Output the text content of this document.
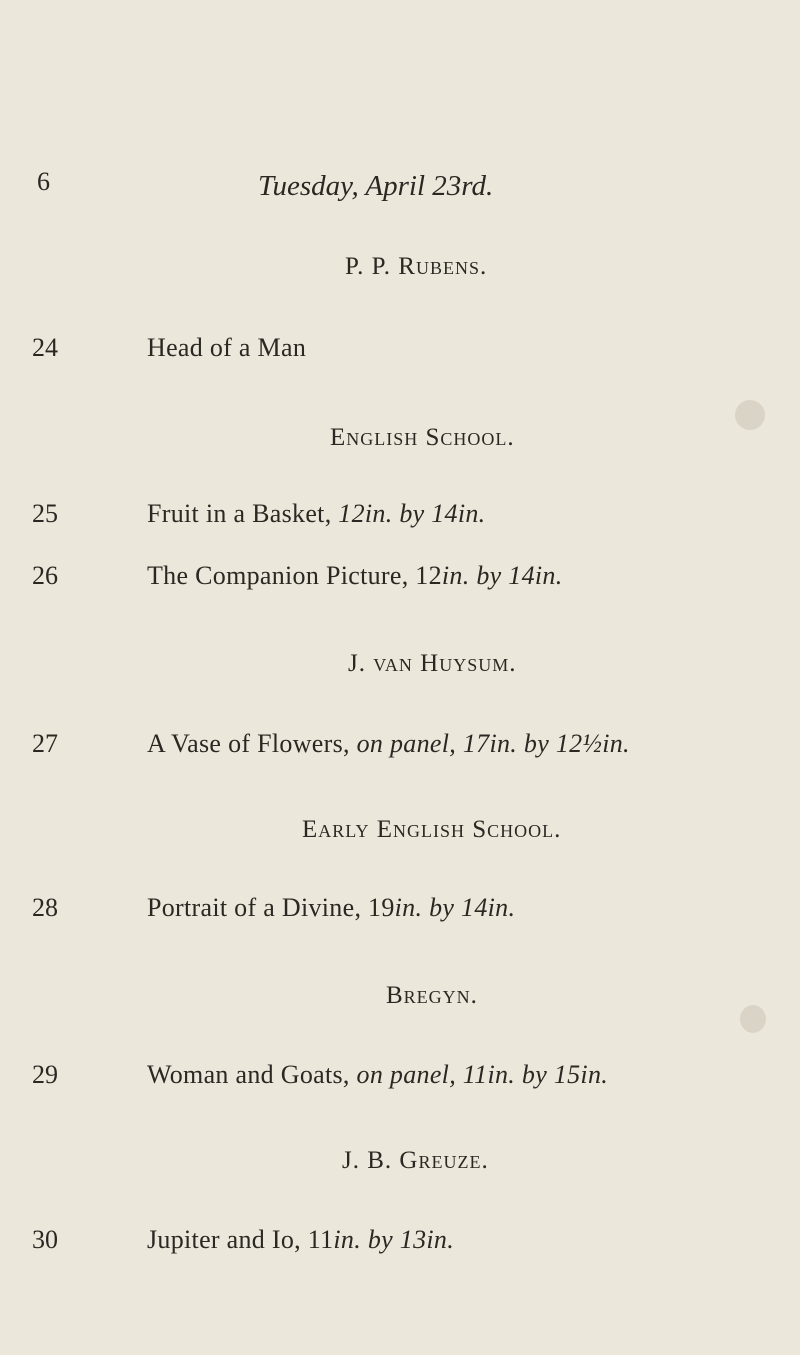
6	Tuesday, April 23rd.
P. P. Rubens.
24	Head of a Man
English School.
25	Fruit in a Basket, 12in. by 14in.
26	The Companion Picture, 12in. by 14in.
J. van Huysum.
27	A Vase of Flowers, on panel, 17in. by 12½in.
Early English School.
28	Portrait of a Divine, 19in. by 14in.
Bregyn.
29	Woman and Goats, on panel, 11in. by 15in.
J. B. Greuze.
30	Jupiter and Io, 11in. by 13in.
